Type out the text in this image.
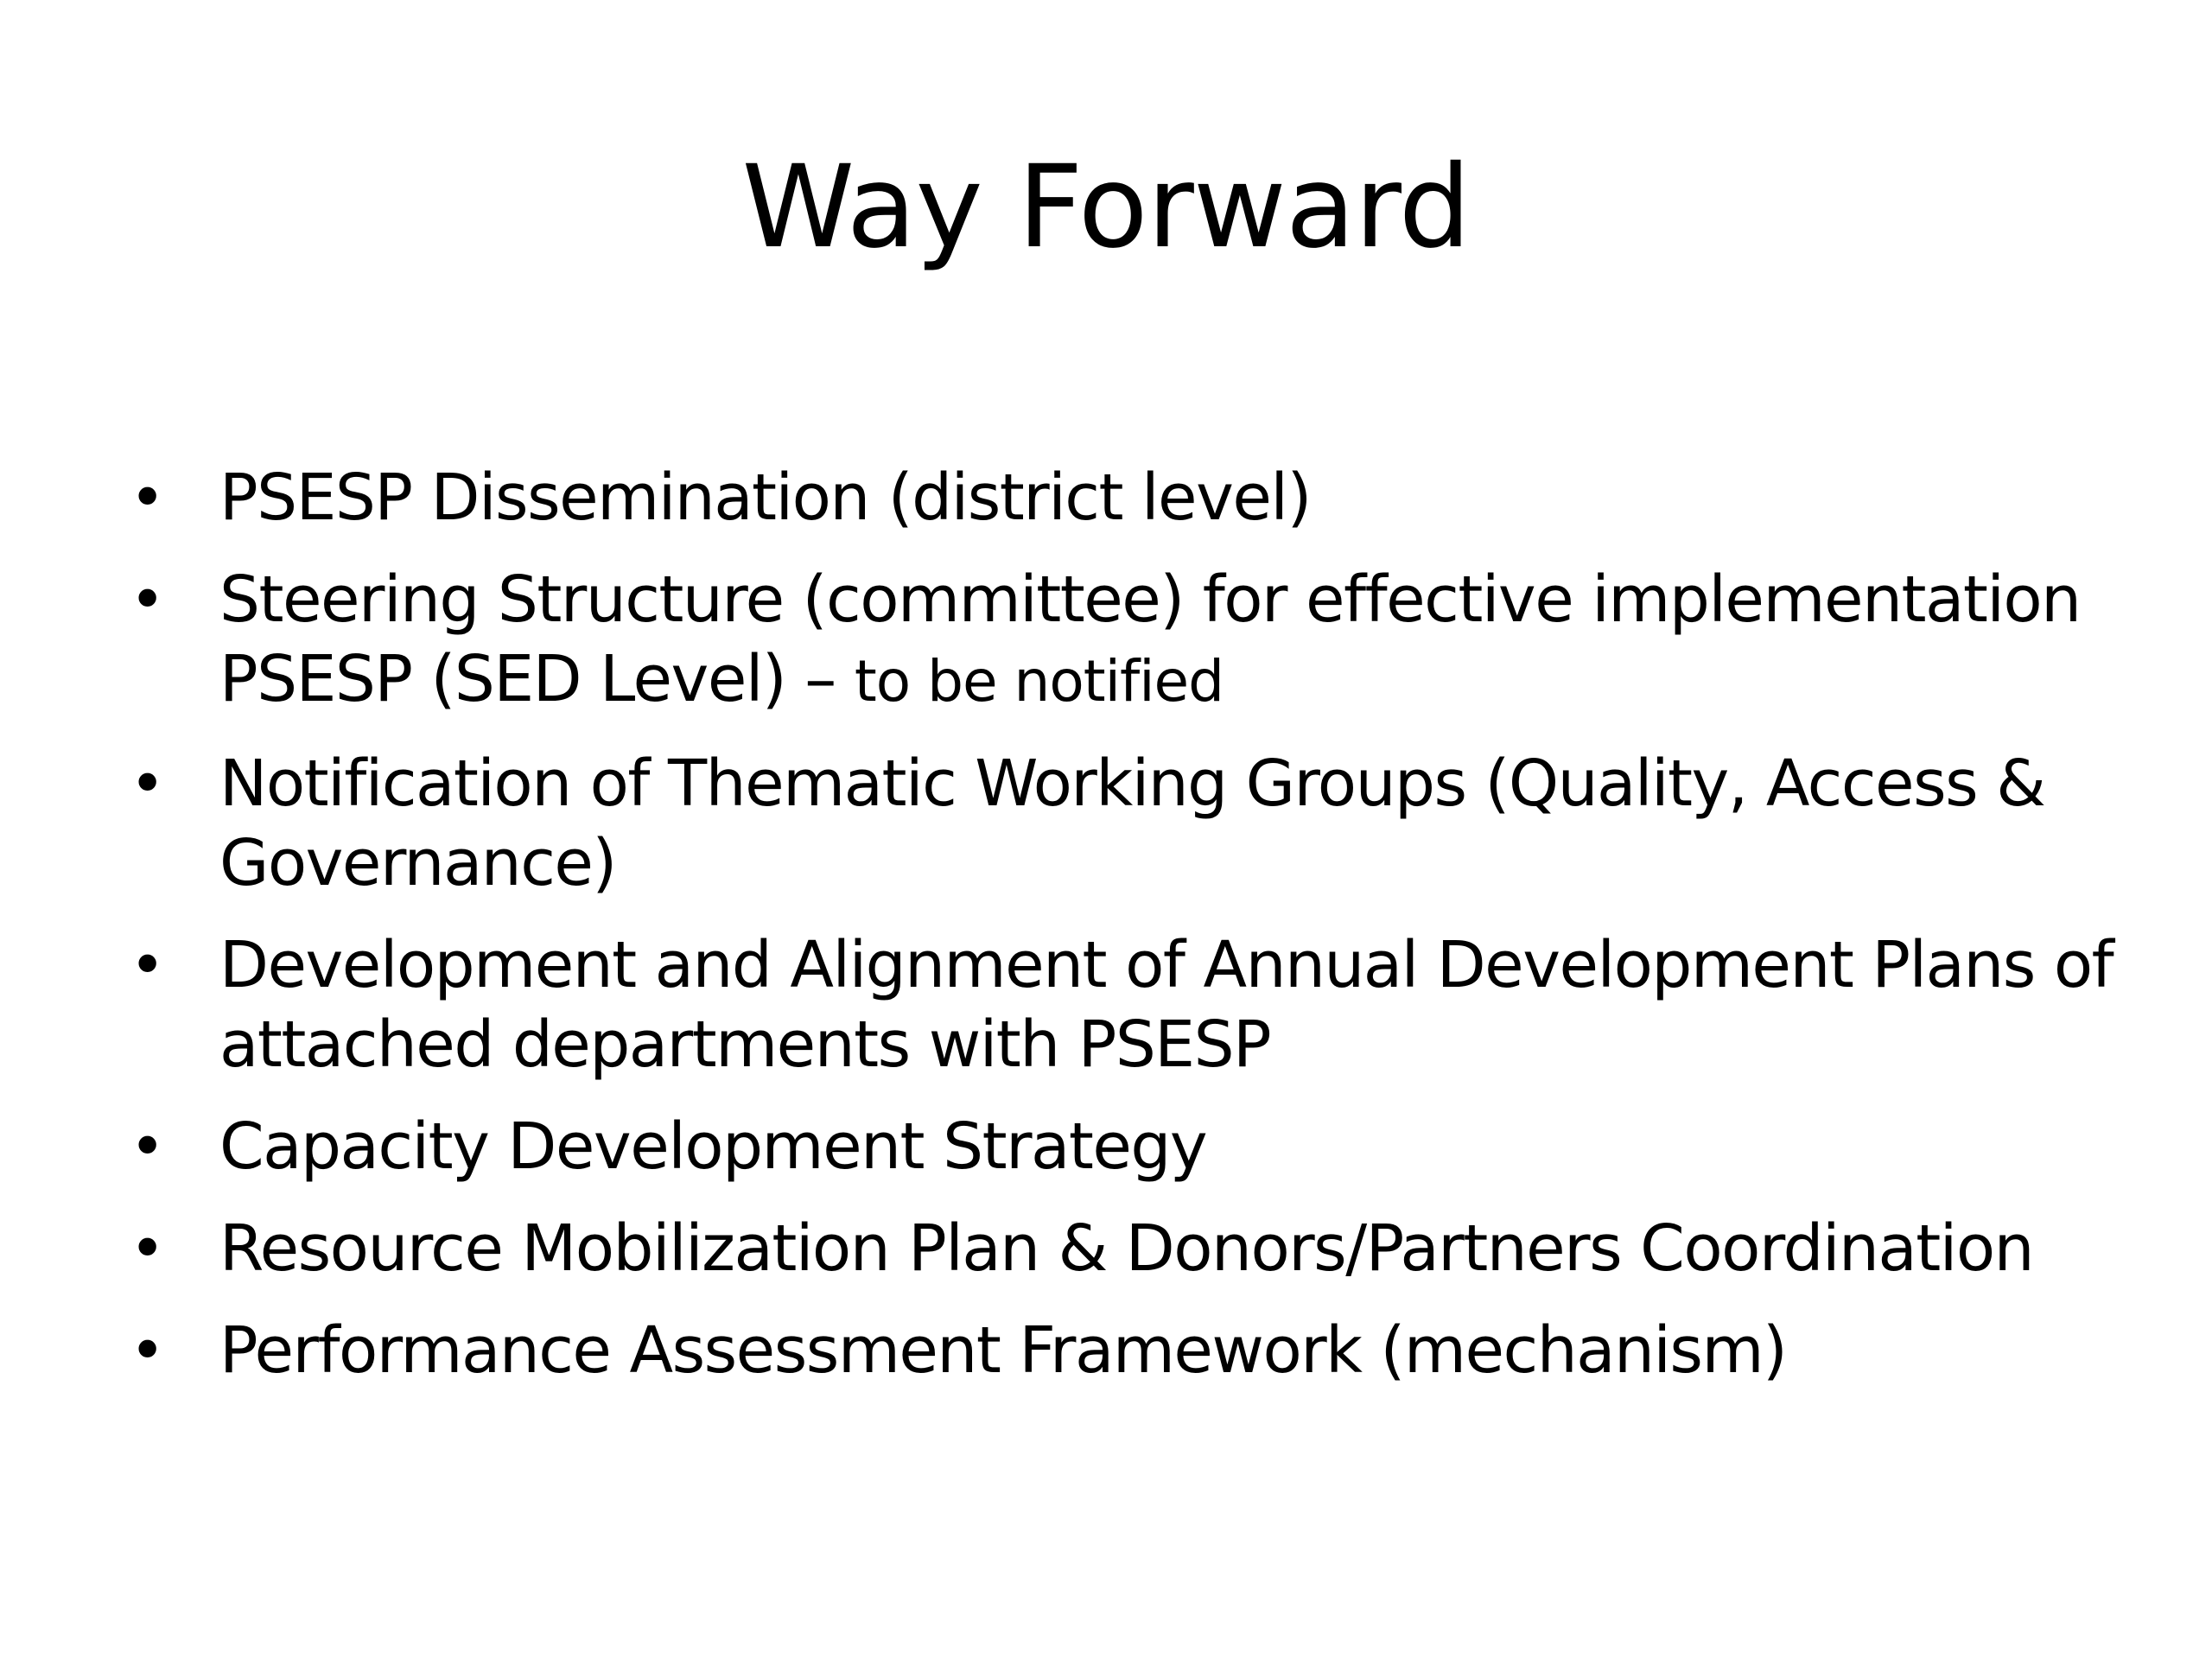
Way Forward
• PSESP Dissemination (district level)
• Steering Structure (committee) for effective implementation PSESP (SED Level) – to be notified
• Notification of Thematic Working Groups (Quality, Access & Governance)
• Development and Alignment of Annual Development Plans of attached departments with PSESP
• Capacity Development Strategy
• Resource Mobilization Plan & Donors/Partners Coordination
• Performance Assessment Framework (mechanism)
